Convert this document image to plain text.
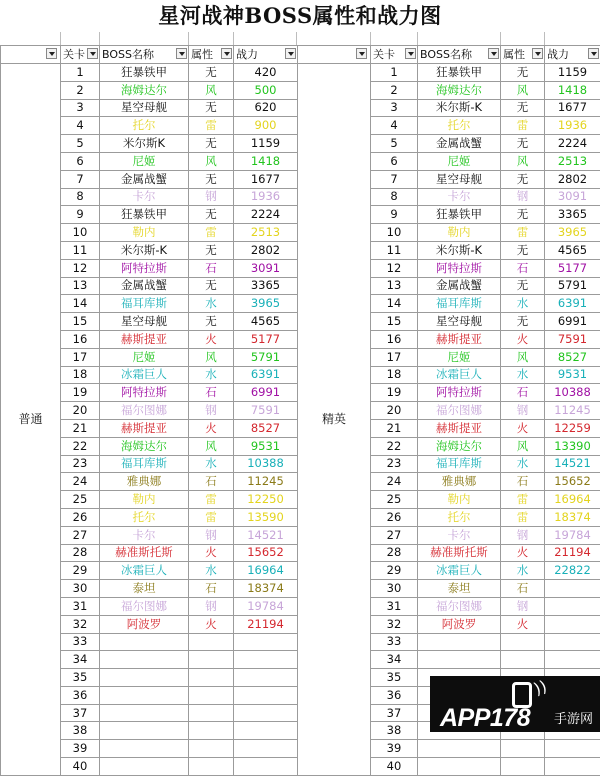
星河战神BOSS属性和战力图
	关卡	BOSS名称	属性	战力

普通	1	狂暴铁甲	无	420
	2	海姆达尔	风	500
	3	星空母舰	无	620
	4	托尔	雷	900
	5	米尔斯K	无	1159
	6	尼姬	风	1418
	7	金属战蟹	无	1677
	8	卡尔	钢	1936
	9	狂暴铁甲	无	2224
	10	勒内	雷	2513
	11	米尔斯-K	无	2802
	12	阿特拉斯	石	3091
	13	金属战蟹	无	3365
	14	福耳库斯	水	3965
	15	星空母舰	无	4565
	16	赫斯提亚	火	5177
	17	尼姬	风	5791
	18	冰霜巨人	水	6391
	19	阿特拉斯	石	6991
	20	福尔图娜	钢	7591
	21	赫斯提亚	火	8527
	22	海姆达尔	风	9531
	23	福耳库斯	水	10388
	24	雅典娜	石	11245
	25	勒内	雷	12250
	26	托尔	雷	13590
	27	卡尔	钢	14521
	28	赫准斯托斯	火	15652
	29	冰霜巨人	水	16964
	30	泰坦	石	18374
	31	福尔图娜	钢	19784
	32	阿波罗	火	21194
	33			
	34			
	35			
	36			
	37			
	38			
	39			
	40			
	关卡	BOSS名称	属性	战力

精英	1	狂暴铁甲	无	1159
	2	海姆达尔	风	1418
	3	米尔斯-K	无	1677
	4	托尔	雷	1936
	5	金属战蟹	无	2224
	6	尼姬	风	2513
	7	星空母舰	无	2802
	8	卡尔	钢	3091
	9	狂暴铁甲	无	3365
	10	勒内	雷	3965
	11	米尔斯-K	无	4565
	12	阿特拉斯	石	5177
	13	金属战蟹	无	5791
	14	福耳库斯	水	6391
	15	星空母舰	无	6991
	16	赫斯提亚	火	7591
	17	尼姬	风	8527
	18	冰霜巨人	水	9531
	19	阿特拉斯	石	10388
	20	福尔图娜	钢	11245
	21	赫斯提亚	火	12259
	22	海姆达尔	风	13390
	23	福耳库斯	水	14521
	24	雅典娜	石	15652
	25	勒内	雷	16964
	26	托尔	雷	18374
	27	卡尔	钢	19784
	28	赫准斯托斯	火	21194
	29	冰霜巨人	水	22822
	30	泰坦	石	
	31	福尔图娜	钢	
	32	阿波罗	火	
	33			
	34			
	35			
	36			
	37			
	38			
	39			
	40			
))
APP178 手游网
